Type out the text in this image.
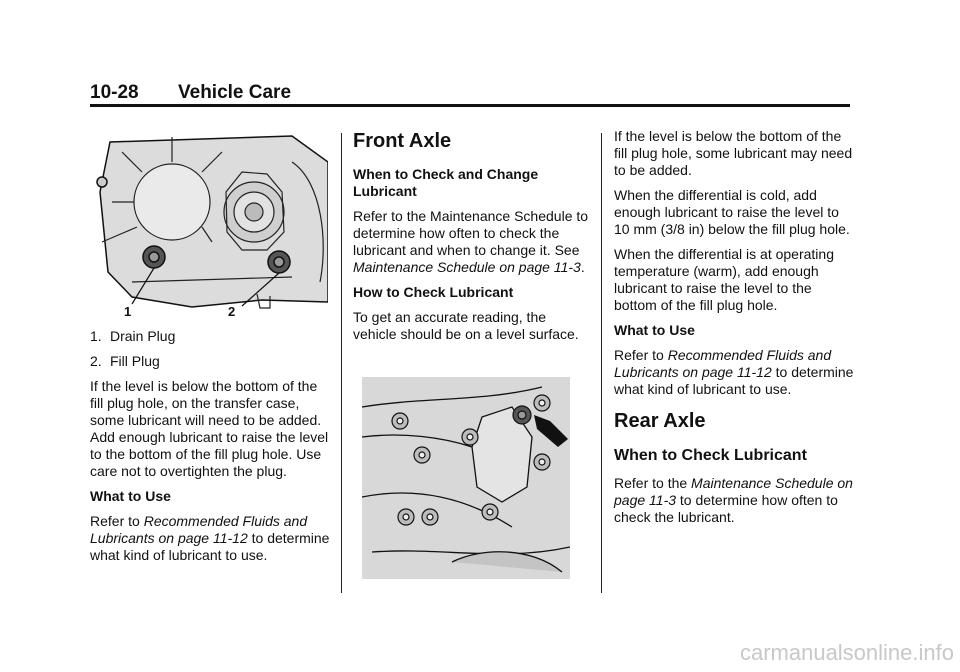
10-28 Vehicle Care
1	2
1. Drain Plug
2. Fill Plug

If the level is below the bottom of the fill plug hole, on the transfer case, some lubricant will need to be added. Add enough lubricant to raise the level to the bottom of the fill plug hole. Use care not to overtighten the plug.

What to Use

Refer to Recommended Fluids and Lubricants on page 11-12 to determine what kind of lubricant to use.

Front Axle

When to Check and Change Lubricant

Refer to the Maintenance Schedule to determine how often to check the lubricant and when to change it. See Maintenance Schedule on page 11-3.

How to Check Lubricant

To get an accurate reading, the vehicle should be on a level surface.

If the level is below the bottom of the fill plug hole, some lubricant may need to be added.

When the differential is cold, add enough lubricant to raise the level to 10 mm (3/8 in) below the fill plug hole.

When the differential is at operating temperature (warm), add enough lubricant to raise the level to the bottom of the fill plug hole.

What to Use

Refer to Recommended Fluids and Lubricants on page 11-12 to determine what kind of lubricant to use.

Rear Axle
When to Check Lubricant

Refer to the Maintenance Schedule on page 11-3 to determine how often to check the lubricant.

carmanualsonline.info
